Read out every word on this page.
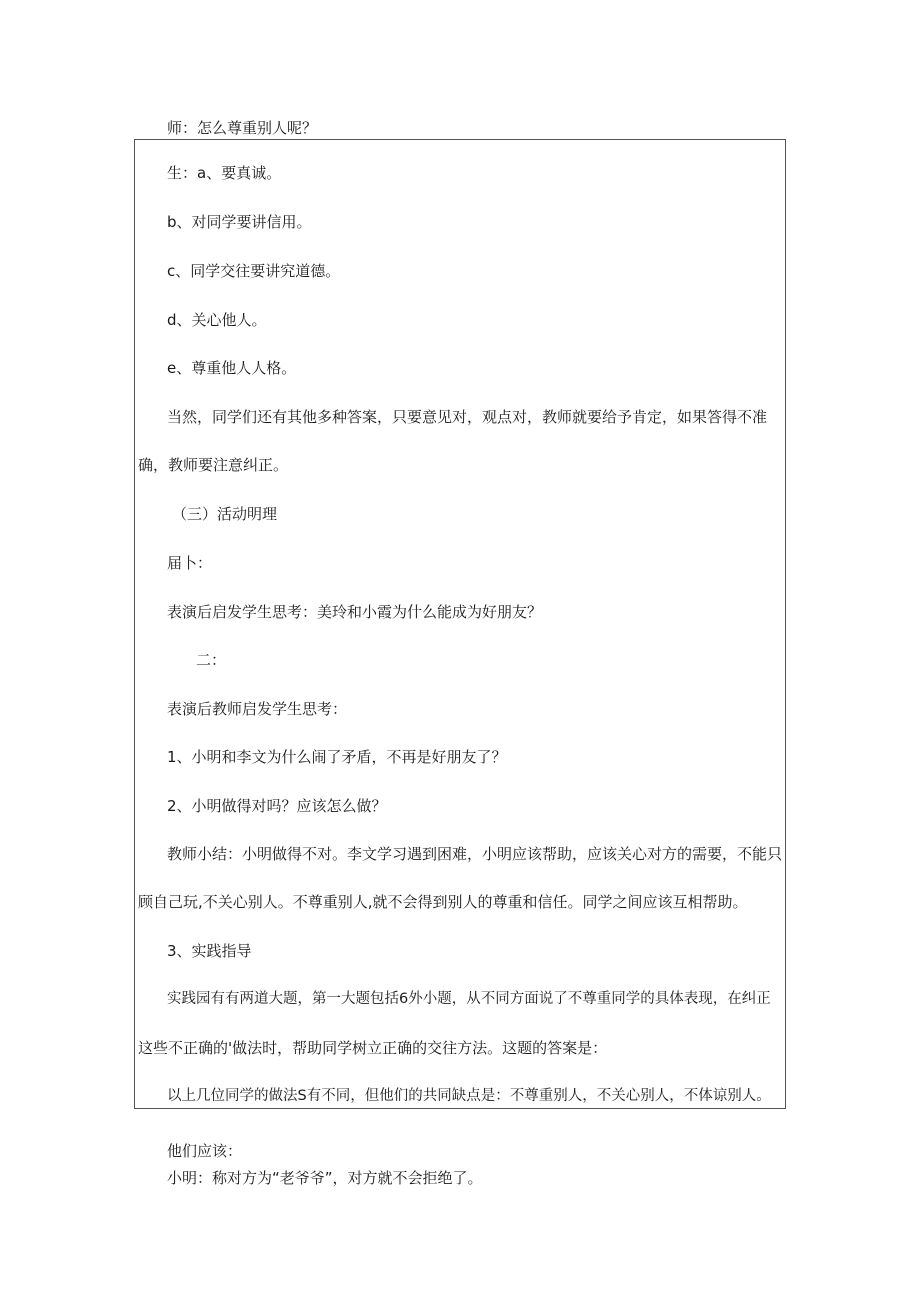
师：怎么尊重别人呢？

生：a、要真诚。

b、对同学要讲信用。

c、同学交往要讲究道德。

d、关心他人。

e、尊重他人人格。

当然，同学们还有其他多种答案，只要意见对，观点对，教师就要给予肯定，如果答得不准

确，教师要注意纠正。

（三）活动明理

届卜：

表演后启发学生思考：美玲和小霞为什么能成为好朋友？

二：

表演后教师启发学生思考：

1、小明和李文为什么闹了矛盾，不再是好朋友了？

2、小明做得对吗？应该怎么做？

教师小结：小明做得不对。李文学习遇到困难，小明应该帮助，应该关心对方的需要，不能只

顾自己玩,不关心别人。不尊重别人,就不会得到别人的尊重和信任。同学之间应该互相帮助。

3、实践指导

实践园有有两道大题，第一大题包括6外小题，从不同方面说了不尊重同学的具体表现，在纠正

这些不正确的'做法时，帮助同学树立正确的交往方法。这题的答案是：

以上几位同学的做法S有不同，但他们的共同缺点是：不尊重别人，不关心别人，不体谅别人。

他们应该：

小明：称对方为“老爷爷”，对方就不会拒绝了。
